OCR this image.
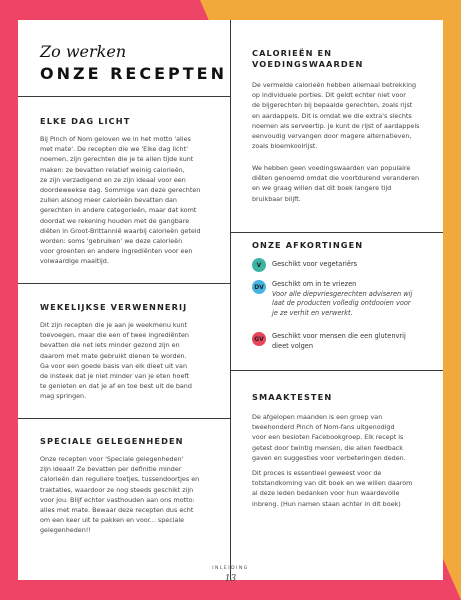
Zo werken
ONZE RECEPTEN
ELKE DAG LICHT
Bij Pinch of Nom geloven we in het motto 'alles
met mate'. De recepten die we 'Elke dag licht'
noemen, zijn gerechten die je te allen tijde kunt
maken: ze bevatten relatief weinig calorieën,
ze zijn verzadigend en ze zijn ideaal voor een
doordeweekse dag. Sommige van deze gerechten
zullen alsnog meer calorieën bevatten dan
gerechten in andere categorieën, maar dat komt
doordat we rekening houden met de gangbare
diëten in Groot-Brittannië waarbij calorieën geteld
worden: soms 'gebruiken' we deze calorieën
voor groenten en andere ingrediënten voor een
volwaardige maaltijd.
WEKELIJKSE VERWENNERIJ
Dit zijn recepten die je aan je weekmenu kunt
toevoegen, maar die een of twee ingrediënten
bevatten die net iets minder gezond zijn en
daarom met mate gebruikt dienen te worden.
Ga voor een goede basis van elk dieet uit van
de insteek dat je niet minder van je eten hoeft
te genieten en dat je af en toe best uit de band
mag springen.
SPECIALE GELEGENHEDEN
Onze recepten voor 'Speciale gelegenheden'
zijn ideaal! Ze bevatten per definitie minder
calorieën dan reguliere toetjes, tussendoortjes en
traktaties, waardoor ze nog steeds geschikt zijn
voor jou. Blijf echter vasthouden aan ons motto:
alles met mate. Bewaar deze recepten dus echt
om een keer uit te pakken en voor... speciale
gelegenheden!!
CALORIEËN EN
VOEDINGSWAARDEN
De vermelde calorieën hebben allemaal betrekking
op individuele porties. Dit geldt echter niet voor
de bijgerechten bij bepaalde gerechten, zoals rijst
en aardappels. Dit is omdat we die extra's slechts
noemen als serveertip. Je kunt de rijst of aardappels
eenvoudig vervangen door magere alternatieven,
zoals bloemkoolrijst.
We hebben geen voedingswaarden van populaire
diëten genoemd omdat die voortdurend veranderen
en we graag willen dat dit boek langere tijd
bruikbaar blijft.
ONZE AFKORTINGEN
V	Geschikt voor vegetariërs
DV	Geschikt om in te vriezen
Voor alle diepvriesgerechten adviseren wij
laat de producten volledig ontdooien voor
je ze verhit en verwerkt.
GV	Geschikt voor mensen die een glutenvrij
dieet volgen
SMAAKTESTEN
De afgelopen maanden is een groep van
tweehonderd Pinch of Nom-fans uitgenodigd
voor een besloten Facebookgroep. Elk recept is
getest door twintig mensen, die allen feedback
gaven en suggesties voor verbeteringen deden.
Dit proces is essentieel geweest voor de
totstandkoming van dit boek en we willen daarom
al deze leden bedanken voor hun waardevolle
inbreng. (Hun namen staan achter in dit boek)
INLEIDING
13
